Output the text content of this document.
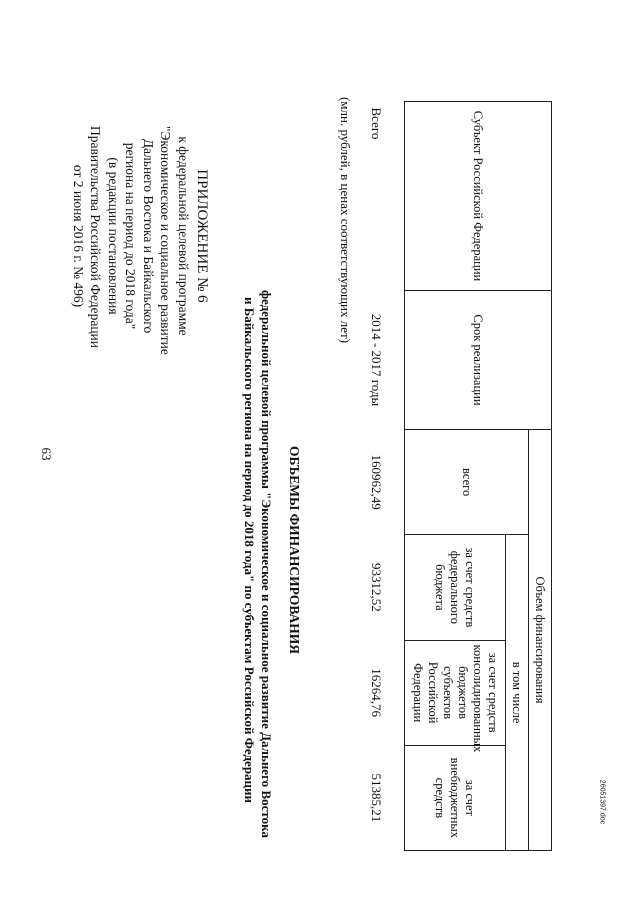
63
ПРИЛОЖЕНИЕ № 6
к федеральной целевой программе
"Экономическое и социальное развитие
Дальнего Востока и Байкальского
региона на период до 2018 года"
(в редакции постановления
Правительства Российской Федерации
от 2 июня 2016 г. № 496)

ОБЪЕМЫ ФИНАНСИРОВАНИЯ

федеральной целевой программы "Экономическое и социальное развитие Дальнего Востока
и Байкальского региона на период до 2018 года" по субъектам Российской Федерации

(млн. рублей, в ценах соответствующих лет)	Субъект Российской Федерации	Срок реализации	Объем финансирования			
		всего	в том числе		
			за счет средств федерального бюджета	за счет средств консолидированных бюджетов субъектов Российской Федерации	за счет внебюджетных средств
Всего	2014 - 2017 годы	160962,49	93312,52	16264,76	51385,21	26051397.doc
